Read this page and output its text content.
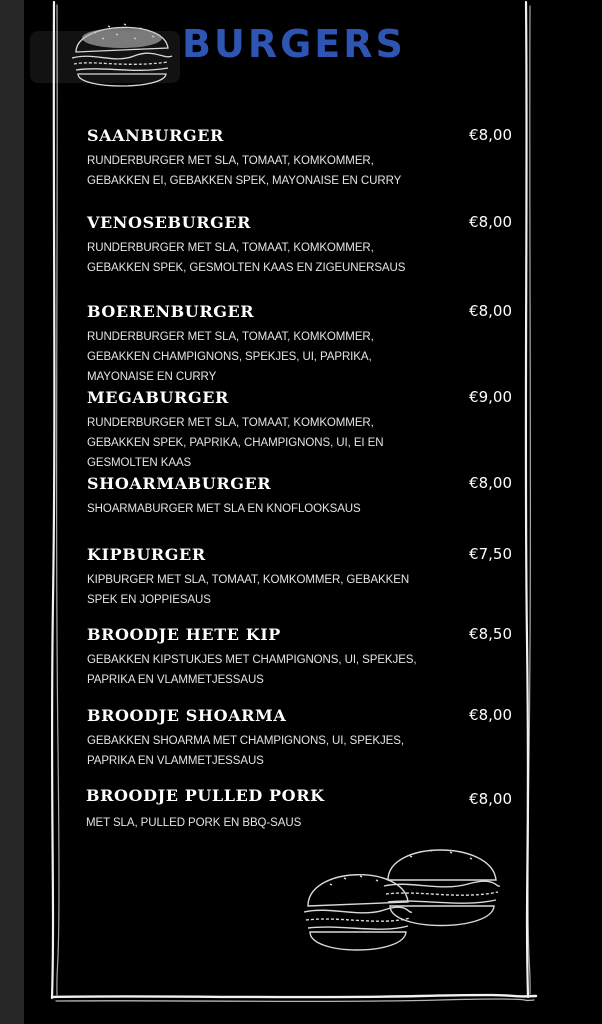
BURGERS

SAANBURGER

RUNDERBURGER MET SLA, TOMAAT, KOMKOMMER, GEBAKKEN EI, GEBAKKEN SPEK, MAYONAISE EN CURRY

€8,00

VENOSEBURGER

RUNDERBURGER MET SLA, TOMAAT, KOMKOMMER, GEBAKKEN SPEK, GESMOLTEN KAAS EN ZIGEUNERSAUS

€8,00

BOERENBURGER

RUNDERBURGER MET SLA, TOMAAT, KOMKOMMER, GEBAKKEN CHAMPIGNONS, SPEKJES, UI, PAPRIKA, MAYONAISE EN CURRY

€8,00

MEGABURGER

RUNDERBURGER MET SLA, TOMAAT, KOMKOMMER, GEBAKKEN SPEK, PAPRIKA, CHAMPIGNONS, UI, EI EN GESMOLTEN KAAS

€9,00

SHOARMABURGER

SHOARMABURGER MET SLA EN KNOFLOOKSAUS

€8,00

KIPBURGER

KIPBURGER MET SLA, TOMAAT, KOMKOMMER, GEBAKKEN SPEK EN JOPPIESAUS

€7,50

BROODJE HETE KIP

GEBAKKEN KIPSTUKJES MET CHAMPIGNONS, UI, SPEKJES, PAPRIKA EN VLAMMETJESSAUS

€8,50

BROODJE SHOARMA

GEBAKKEN SHOARMA MET CHAMPIGNONS, UI, SPEKJES, PAPRIKA EN VLAMMETJESSAUS

€8,00

BROODJE PULLED PORK

MET SLA, PULLED PORK EN BBQ-SAUS

€8,00
